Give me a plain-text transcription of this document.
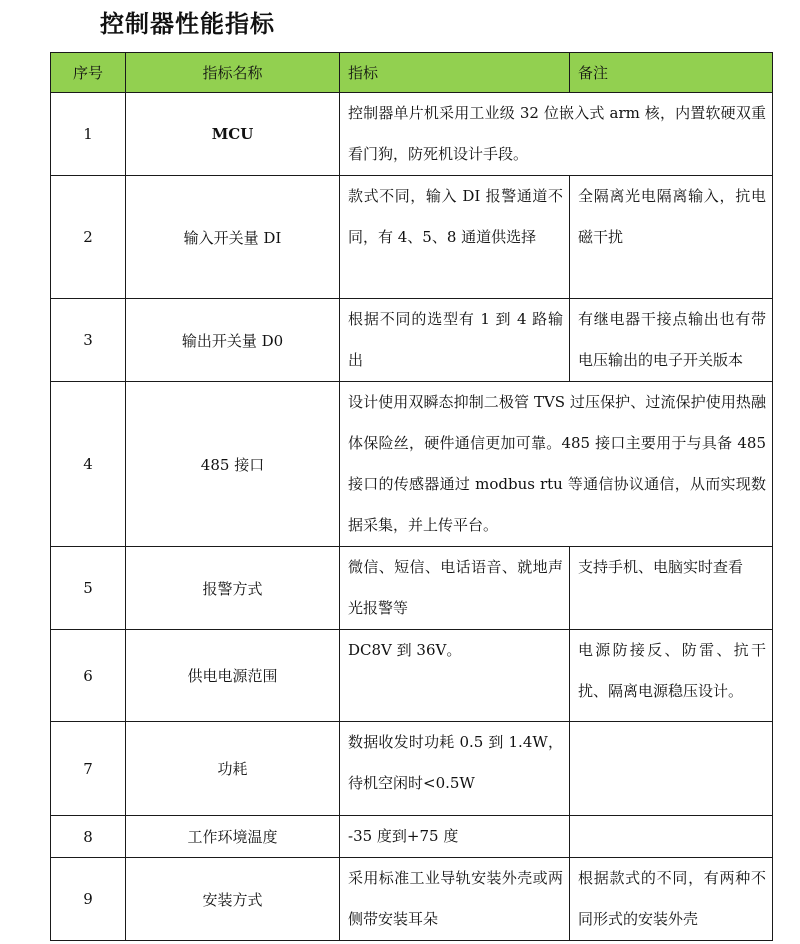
控制器性能指标
序号	指标名称	指标	备注
1	MCU	控制器单片机采用工业级 32 位嵌入式 arm 核，内置软硬双重看门狗，防死机设计手段。	
2	输入开关量 DI	款式不同，输入 DI 报警通道不同，有 4、5、8 通道供选择	全隔离光电隔离输入，抗电磁干扰
3	输出开关量 D0	根据不同的选型有 1 到 4 路输出	有继电器干接点输出也有带电压输出的电子开关版本
4	485 接口	设计使用双瞬态抑制二极管 TVS 过压保护、过流保护使用热融体保险丝，硬件通信更加可靠。485 接口主要用于与具备 485 接口的传感器通过 modbus rtu 等通信协议通信，从而实现数据采集，并上传平台。	
5	报警方式	微信、短信、电话语音、就地声光报警等	支持手机、电脑实时查看
6	供电电源范围	DC8V 到 36V。	电源防接反、防雷、抗干扰、隔离电源稳压设计。
7	功耗	数据收发时功耗 0.5 到 1.4W，待机空闲时<0.5W	
8	工作环境温度	-35 度到+75 度	
9	安装方式	采用标准工业导轨安装外壳或两侧带安装耳朵	根据款式的不同，有两种不同形式的安装外壳
